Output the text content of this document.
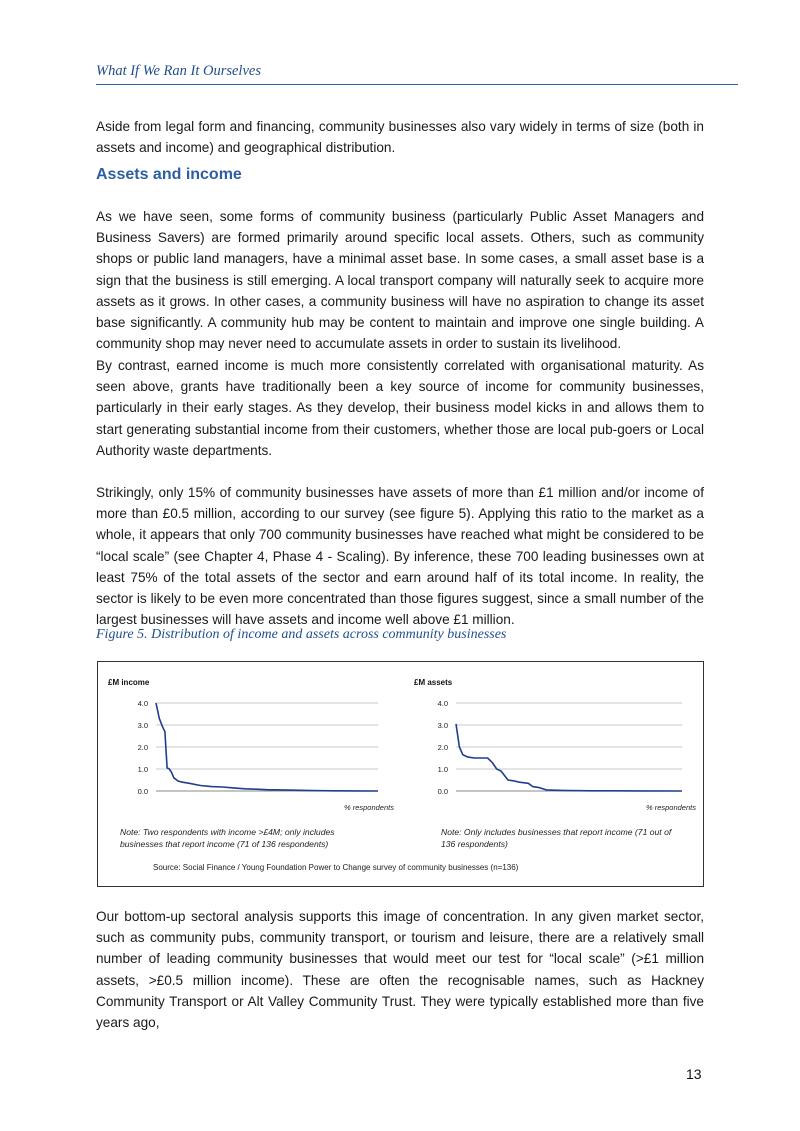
What If We Ran It Ourselves

Aside from legal form and financing, community businesses also vary widely in terms of size (both in assets and income) and geographical distribution.

Assets and income

As we have seen, some forms of community business (particularly Public Asset Managers and Business Savers) are formed primarily around specific local assets. Others, such as community shops or public land managers, have a minimal asset base. In some cases, a small asset base is a sign that the business is still emerging. A local transport company will naturally seek to acquire more assets as it grows. In other cases, a community business will have no aspiration to change its asset base significantly. A community hub may be content to maintain and improve one single building. A community shop may never need to accumulate assets in order to sustain its livelihood.

By contrast, earned income is much more consistently correlated with organisational maturity. As seen above, grants have traditionally been a key source of income for community businesses, particularly in their early stages. As they develop, their business model kicks in and allows them to start generating substantial income from their customers, whether those are local pub-goers or Local Authority waste departments.

Strikingly, only 15% of community businesses have assets of more than £1 million and/or income of more than £0.5 million, according to our survey (see figure 5). Applying this ratio to the market as a whole, it appears that only 700 community businesses have reached what might be considered to be “local scale” (see Chapter 4, Phase 4 - Scaling). By inference, these 700 leading businesses own at least 75% of the total assets of the sector and earn around half of its total income. In reality, the sector is likely to be even more concentrated than those figures suggest, since a small number of the largest businesses will have assets and income well above £1 million.

Figure 5. Distribution of income and assets across community businesses

£M income
4.0
3.0
2.0
1.0
0.0
% respondents
£M assets
4.0
3.0
2.0
1.0
0.0
% respondents
Note: Two respondents with income >£4M; only includes
businesses that report income (71 of 136 respondents)
Note: Only includes businesses that report income (71 out of
136 respondents)
Source: Social Finance / Young Foundation Power to Change survey of community businesses (n=136)

Our bottom-up sectoral analysis supports this image of concentration. In any given market sector, such as community pubs, community transport, or tourism and leisure, there are a relatively small number of leading community businesses that would meet our test for “local scale” (>£1 million assets, >£0.5 million income). These are often the recognisable names, such as Hackney Community Transport or Alt Valley Community Trust. They were typically established more than five years ago,

13
